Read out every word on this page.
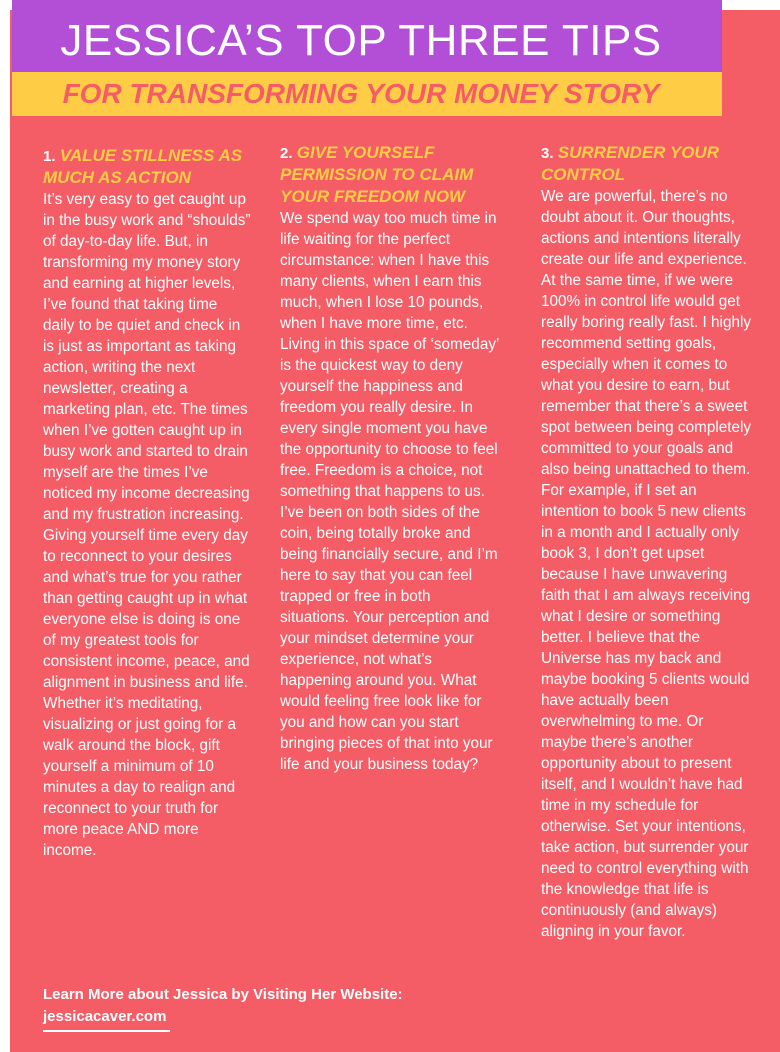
JESSICA’S TOP THREE TIPS
FOR TRANSFORMING YOUR MONEY STORY

1. VALUE STILLNESS AS MUCH AS ACTION

It’s very easy to get caught up in the busy work and “shoulds” of day-to-day life. But, in transforming my money story and earning at higher levels, I’ve found that taking time daily to be quiet and check in is just as important as taking action, writing the next newsletter, creating a marketing plan, etc. The times when I’ve gotten caught up in busy work and started to drain myself are the times I’ve noticed my income decreasing and my frustration increasing. Giving yourself time every day to reconnect to your desires and what’s true for you rather than getting caught up in what everyone else is doing is one of my greatest tools for consistent income, peace, and alignment in business and life. Whether it’s meditating, visualizing or just going for a walk around the block, gift yourself a minimum of 10 minutes a day to realign and reconnect to your truth for more peace AND more income.

2. GIVE YOURSELF PERMISSION TO CLAIM YOUR FREEDOM NOW

We spend way too much time in life waiting for the perfect circumstance: when I have this many clients, when I earn this much, when I lose 10 pounds, when I have more time, etc. Living in this space of ‘someday’ is the quickest way to deny yourself the happiness and freedom you really desire. In every single moment you have the opportunity to choose to feel free. Freedom is a choice, not something that happens to us. I’ve been on both sides of the coin, being totally broke and being financially secure, and I’m here to say that you can feel trapped or free in both situations. Your perception and your mindset determine your experience, not what’s happening around you. What would feeling free look like for you and how can you start bringing pieces of that into your life and your business today?

3. SURRENDER YOUR CONTROL

We are powerful, there’s no doubt about it. Our thoughts, actions and intentions literally create our life and experience. At the same time, if we were 100% in control life would get really boring really fast. I highly recommend setting goals, especially when it comes to what you desire to earn, but remember that there’s a sweet spot between being completely committed to your goals and also being unattached to them. For example, if I set an intention to book 5 new clients in a month and I actually only book 3, I don’t get upset because I have unwavering faith that I am always receiving what I desire or something better. I believe that the Universe has my back and maybe booking 5 clients would have actually been overwhelming to me. Or maybe there’s another opportunity about to present itself, and I wouldn’t have had time in my schedule for otherwise. Set your intentions, take action, but surrender your need to control everything with the knowledge that life is continuously (and always) aligning in your favor.

Learn More about Jessica by Visiting Her Website:
jessicacaver.com
